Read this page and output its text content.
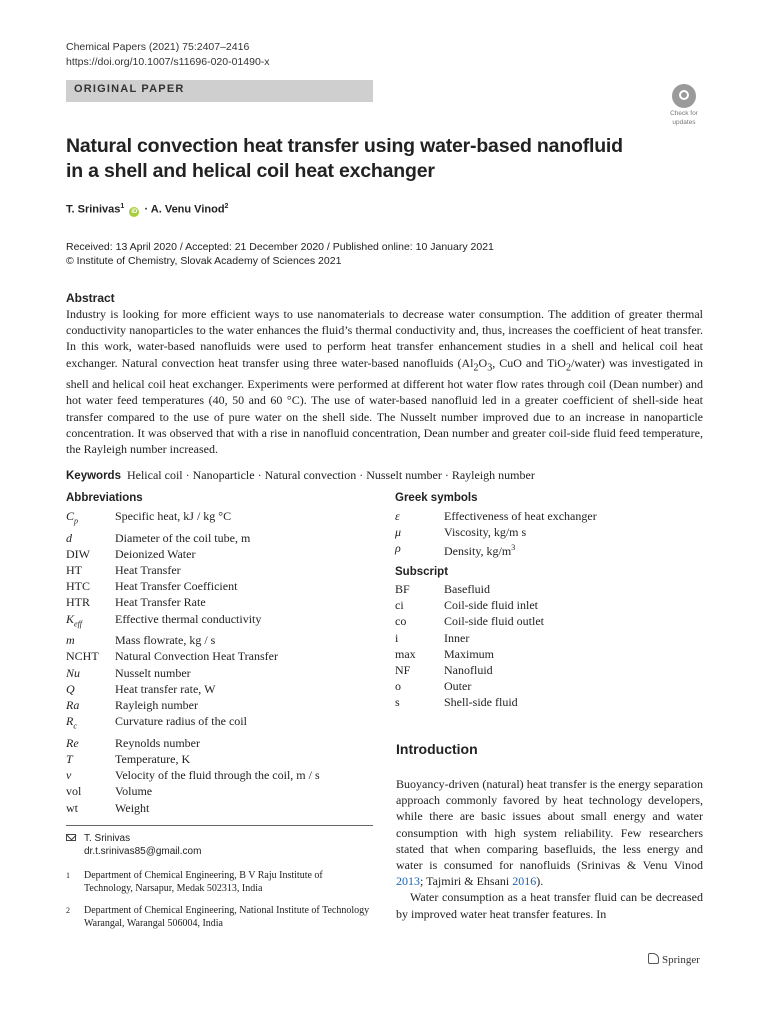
Chemical Papers (2021) 75:2407–2416
https://doi.org/10.1007/s11696-020-01490-x
ORIGINAL PAPER
Check for
updates
Natural convection heat transfer using water-based nanofluid in a shell and helical coil heat exchanger
T. Srinivas$^1$ iD · A. Venu Vinod$^2$
Received: 13 April 2020 / Accepted: 21 December 2020 / Published online: 10 January 2021
© Institute of Chemistry, Slovak Academy of Sciences 2021
Abstract
Industry is looking for more efficient ways to use nanomaterials to decrease water consumption. The addition of greater thermal conductivity nanoparticles to the water enhances the fluid’s thermal conductivity and, thus, increases the coefficient of heat transfer. In this work, water-based nanofluids were used to perform heat transfer enhancement studies in a shell and helical coil heat exchanger. Natural convection heat transfer using three water-based nanofluids ($Al_2O_3$, CuO and TiO$_2$/water) was investigated in shell and helical coil heat exchanger. Experiments were performed at different hot water flow rates through coil (Dean number) and hot water feed temperatures (40, 50 and 60 °C). The use of water-based nanofluid led in a greater coefficient of shell-side heat transfer compared to the use of pure water on the shell side. The Nusselt number improved due to an increase in nanoparticle concentration. It was observed that with a rise in nanofluid concentration, Dean number and greater coil-side fluid feed temperature, the Rayleigh number increased.
Keywords Helical coil · Nanoparticle · Natural convection · Nusselt number · Rayleigh number
Abbreviations
$C_p$	Specific heat, kJ / kg °C
d	Diameter of the coil tube, m
DIW	Deionized Water
HT	Heat Transfer
HTC	Heat Transfer Coefficient
HTR	Heat Transfer Rate
$K_{eff}$	Effective thermal conductivity
m	Mass flowrate, kg / s
NCHT	Natural Convection Heat Transfer
Nu	Nusselt number
Q	Heat transfer rate, W
Ra	Rayleigh number
$R_c$	Curvature radius of the coil
Re	Reynolds number
T	Temperature, K
v	Velocity of the fluid through the coil, m / s
vol	Volume
wt	Weight
Greek symbols
ε	Effectiveness of heat exchanger
μ	Viscosity, kg/m s
ρ	Density, $kg/m^3$
Subscript
BF	Basefluid
ci	Coil-side fluid inlet
co	Coil-side fluid outlet
i	Inner
max	Maximum
NF	Nanofluid
o	Outer
s	Shell-side fluid
Introduction

Buoyancy-driven (natural) heat transfer is the energy separation approach commonly favored by heat technology developers, while there are basic issues about small energy and water consumption with high system reliability. Few researchers stated that when comparing basefluids, the less energy and water is consumed for nanofluids (Srinivas & Venu Vinod 2013; Tajmiri & Ehsani 2016).

Water consumption as a heat transfer fluid can be decreased by improved water heat transfer features. In

T. Srinivas
dr.t.srinivas85@gmail.com
1	Department of Chemical Engineering, B V Raju Institute of Technology, Narsapur, Medak 502313, India
2	Department of Chemical Engineering, National Institute of Technology Warangal, Warangal 506004, India
Springer
